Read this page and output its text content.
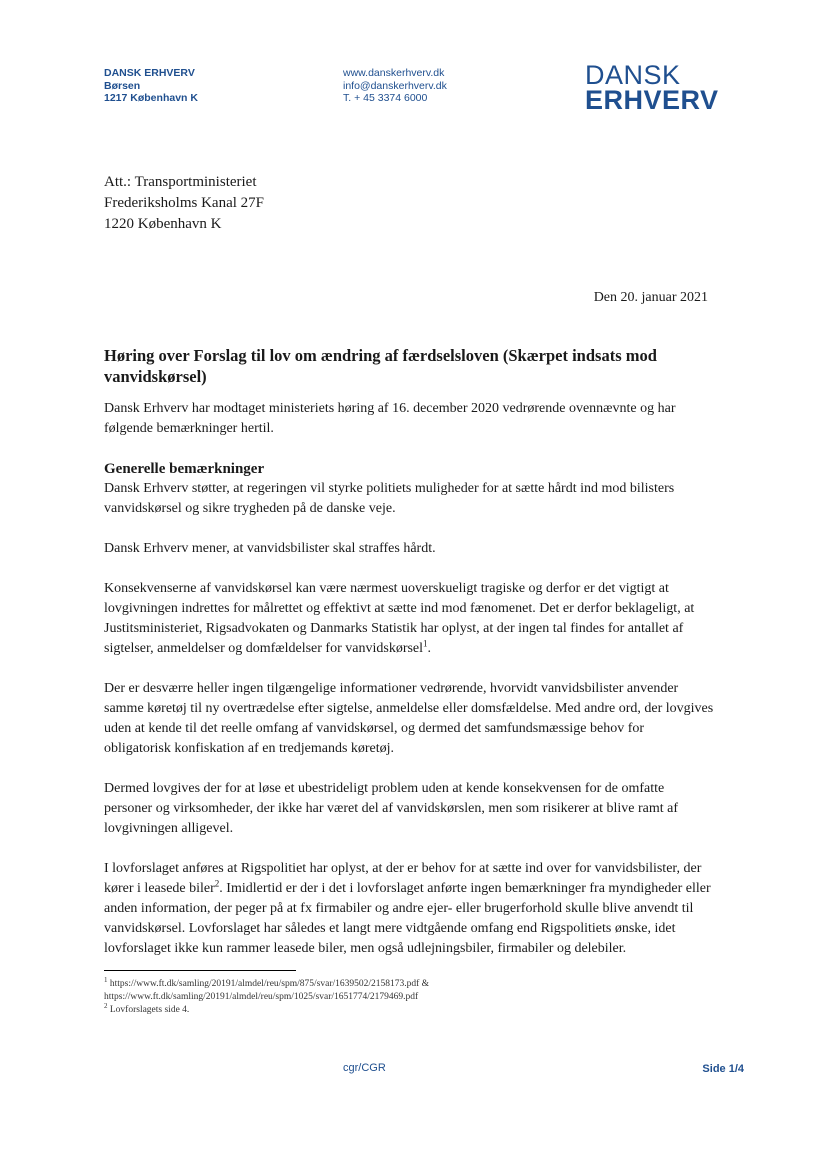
DANSK ERHVERV
Børsen
1217 København K
www.danskerhverv.dk
info@danskerhverv.dk
T. + 45 3374 6000
DANSK
ERHVERV
Att.: Transportministeriet
Frederiksholms Kanal 27F
1220 København K
Den 20. januar 2021
Høring over Forslag til lov om ændring af færdselsloven (Skærpet indsats mod vanvidskørsel)

Dansk Erhverv har modtaget ministeriets høring af 16. december 2020 vedrørende ovennævnte og har følgende bemærkninger hertil.

Generelle bemærkninger

Dansk Erhverv støtter, at regeringen vil styrke politiets muligheder for at sætte hårdt ind mod bilisters vanvidskørsel og sikre trygheden på de danske veje.

Dansk Erhverv mener, at vanvidsbilister skal straffes hårdt.

Konsekvenserne af vanvidskørsel kan være nærmest uoverskueligt tragiske og derfor er det vigtigt at lovgivningen indrettes for målrettet og effektivt at sætte ind mod fænomenet. Det er derfor beklageligt, at Justitsministeriet, Rigsadvokaten og Danmarks Statistik har oplyst, at der ingen tal findes for antallet af sigtelser, anmeldelser og domfældelser for vanvidskørsel$^1$.

Der er desværre heller ingen tilgængelige informationer vedrørende, hvorvidt vanvidsbilister anvender samme køretøj til ny overtrædelse efter sigtelse, anmeldelse eller domsfældelse. Med andre ord, der lovgives uden at kende til det reelle omfang af vanvidskørsel, og dermed det samfundsmæssige behov for obligatorisk konfiskation af en tredjemands køretøj.

Dermed lovgives der for at løse et ubestrideligt problem uden at kende konsekvensen for de omfatte personer og virksomheder, der ikke har været del af vanvidskørslen, men som risikerer at blive ramt af lovgivningen alligevel.

I lovforslaget anføres at Rigspolitiet har oplyst, at der er behov for at sætte ind over for vanvidsbilister, der kører i leasede biler$^2$. Imidlertid er der i det i lovforslaget anførte ingen bemærkninger fra myndigheder eller anden information, der peger på at fx firmabiler og andre ejer- eller brugerforhold skulle blive anvendt til vanvidskørsel. Lovforslaget har således et langt mere vidtgående omfang end Rigspolitiets ønske, idet lovforslaget ikke kun rammer leasede biler, men også udlejningsbiler, firmabiler og delebiler.

$^1$ https://www.ft.dk/samling/20191/almdel/reu/spm/875/svar/1639502/2158173.pdf & https://www.ft.dk/samling/20191/almdel/reu/spm/1025/svar/1651774/2179469.pdf
$^2$ Lovforslagets side 4.
cgr/CGR	Side 1/4
